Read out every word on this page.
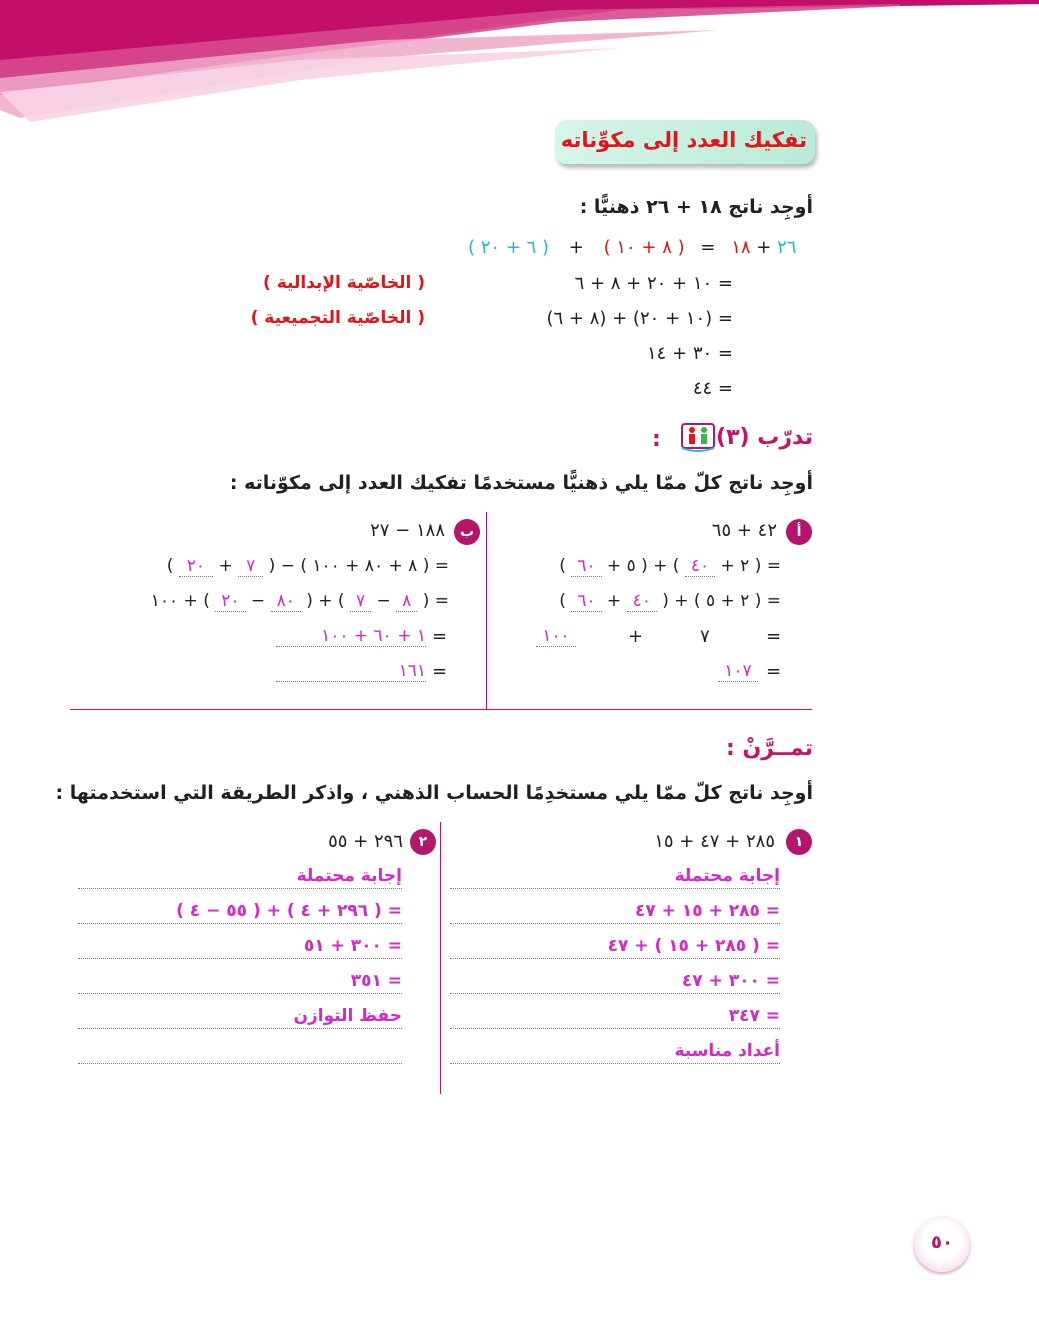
تفكيك العدد إلى مكوِّناته
أوجِد ناتج ١٨ + ٢٦ ذهنيًّا :
( ٦ + ٢٠ ) + ( ٨ + ١٠ ) =	٢٦ + ١٨
= ١٠ + ٢٠ + ٨ + ٦
( الخاصّية الإبدالية )
= (١٠ + ٢٠) + (٨ + ٦)
( الخاصّية التجميعية )
= ٣٠ + ١٤
= ٤٤
تدرّب (٣)
:
أوجِد ناتج كلّ ممّا يلي ذهنيًّا مستخدمًا تفكيك العدد إلى مكوّناته :
أ
٤٢ + ٦٥
= ( ٢ + ٤٠ ) + ( ٥ + ٦٠ )
= ( ٢ + ٥ ) + ( ٤٠ + ٦٠ )
=
٧
+
١٠٠
=
١٠٧
ب
١٨٨ − ٢٧
= ( ٨ + ٨٠ + ١٠٠ ) − ( ٧ + ٢٠ )
= ( ٨ − ٧ ) + ( ٨٠ − ٢٠ ) + ١٠٠
=
١ + ٦٠ + ١٠٠
=
١٦١
تمــرَّنْ :
أوجِد ناتج كلّ ممّا يلي مستخدِمًا الحساب الذهني ، واذكر الطريقة التي استخدمتها :
١
٢٨٥ + ٤٧ + ١٥
إجابة محتملة
= ٢٨٥ + ١٥ + ٤٧
= ( ٢٨٥ + ١٥ ) + ٤٧
= ٣٠٠ + ٤٧
= ٣٤٧
أعداد مناسبة
٢
٢٩٦ + ٥٥
إجابة محتملة
= ( ٢٩٦ + ٤ ) + ( ٥٥ − ٤ )
= ٣٠٠ + ٥١
= ٣٥١
حفظ التوازن
٥٠
